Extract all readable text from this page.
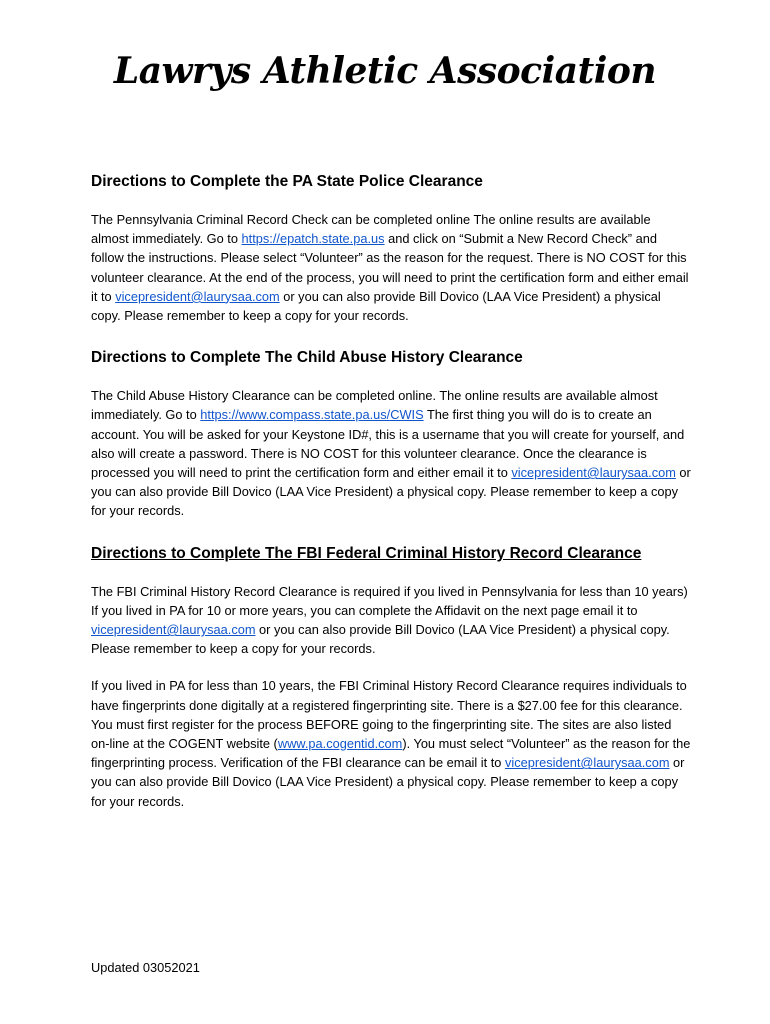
Lawrys Athletic Association
Directions to Complete the PA State Police Clearance

The Pennsylvania Criminal Record Check can be completed online The online results are available almost immediately. Go to https://epatch.state.pa.us and click on “Submit a New Record Check” and follow the instructions. Please select “Volunteer” as the reason for the request. There is NO COST for this volunteer clearance. At the end of the process, you will need to print the certification form and either email it to vicepresident@laurysaa.com or you can also provide Bill Dovico (LAA Vice President) a physical copy. Please remember to keep a copy for your records.

Directions to Complete The Child Abuse History Clearance

The Child Abuse History Clearance can be completed online. The online results are available almost immediately. Go to https://www.compass.state.pa.us/CWIS The first thing you will do is to create an account. You will be asked for your Keystone ID#, this is a username that you will create for yourself, and also will create a password. There is NO COST for this volunteer clearance. Once the clearance is processed you will need to print the certification form and either email it to vicepresident@laurysaa.com or you can also provide Bill Dovico (LAA Vice President) a physical copy. Please remember to keep a copy for your records.

Directions to Complete The FBI Federal Criminal History Record Clearance

The FBI Criminal History Record Clearance is required if you lived in Pennsylvania for less than 10 years) If you lived in PA for 10 or more years, you can complete the Affidavit on the next page email it to vicepresident@laurysaa.com or you can also provide Bill Dovico (LAA Vice President) a physical copy. Please remember to keep a copy for your records.

If you lived in PA for less than 10 years, the FBI Criminal History Record Clearance requires individuals to have fingerprints done digitally at a registered fingerprinting site. There is a $27.00 fee for this clearance. You must first register for the process BEFORE going to the fingerprinting site. The sites are also listed on-line at the COGENT website (www.pa.cogentid.com). You must select “Volunteer” as the reason for the fingerprinting process. Verification of the FBI clearance can be email it to vicepresident@laurysaa.com or you can also provide Bill Dovico (LAA Vice President) a physical copy. Please remember to keep a copy for your records.

Updated 03052021
